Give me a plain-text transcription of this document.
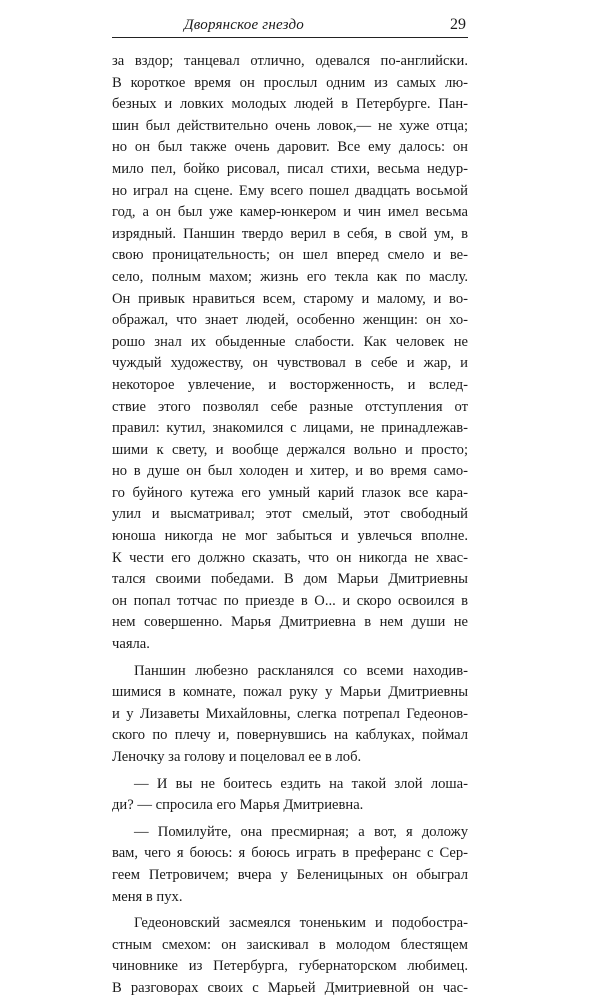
Дворянское гнездо	29
за вздор; танцевал отлично, одевался по-английски.
В короткое время он прослыл одним из самых лю-
безных и ловких молодых людей в Петербурге. Пан-
шин был действительно очень ловок,— не хуже отца;
но он был также очень даровит. Все ему далось: он
мило пел, бойко рисовал, писал стихи, весьма недур-
но играл на сцене. Ему всего пошел двадцать восьмой
год, а он был уже камер-юнкером и чин имел весьма
изрядный. Паншин твердо верил в себя, в свой ум, в
свою проницательность; он шел вперед смело и ве-
село, полным махом; жизнь его текла как по маслу.
Он привык нравиться всем, старому и малому, и во-
ображал, что знает людей, особенно женщин: он хо-
рошо знал их обыденные слабости. Как человек не
чуждый художеству, он чувствовал в себе и жар, и
некоторое увлечение, и восторженность, и вслед-
ствие этого позволял себе разные отступления от
правил: кутил, знакомился с лицами, не принадлежав-
шими к свету, и вообще держался вольно и просто;
но в душе он был холоден и хитер, и во время само-
го буйного кутежа его умный карий глазок все кара-
улил и высматривал; этот смелый, этот свободный
юноша никогда не мог забыться и увлечься вполне.
К чести его должно сказать, что он никогда не хвас-
тался своими победами. В дом Марьи Дмитриевны
он попал тотчас по приезде в О... и скоро освоился в
нем совершенно. Марья Дмитриевна в нем души не
чаяла.
Паншин любезно раскланялся со всеми находив-
шимися в комнате, пожал руку у Марьи Дмитриевны
и у Лизаветы Михайловны, слегка потрепал Гедеонов-
ского по плечу и, повернувшись на каблуках, поймал
Леночку за голову и поцеловал ее в лоб.
— И вы не боитесь ездить на такой злой лоша-
ди? — спросила его Марья Дмитриевна.
— Помилуйте, она пресмирная; а вот, я доложу
вам, чего я боюсь: я боюсь играть в преферанс с Сер-
геем Петровичем; вчера у Беленицыных он обыграл
меня в пух.
Гедеоновский засмеялся тоненьким и подобостра-
стным смехом: он заискивал в молодом блестящем
чиновнике из Петербурга, губернаторском любимец.
В разговорах своих с Марьей Дмитриевной он час-
